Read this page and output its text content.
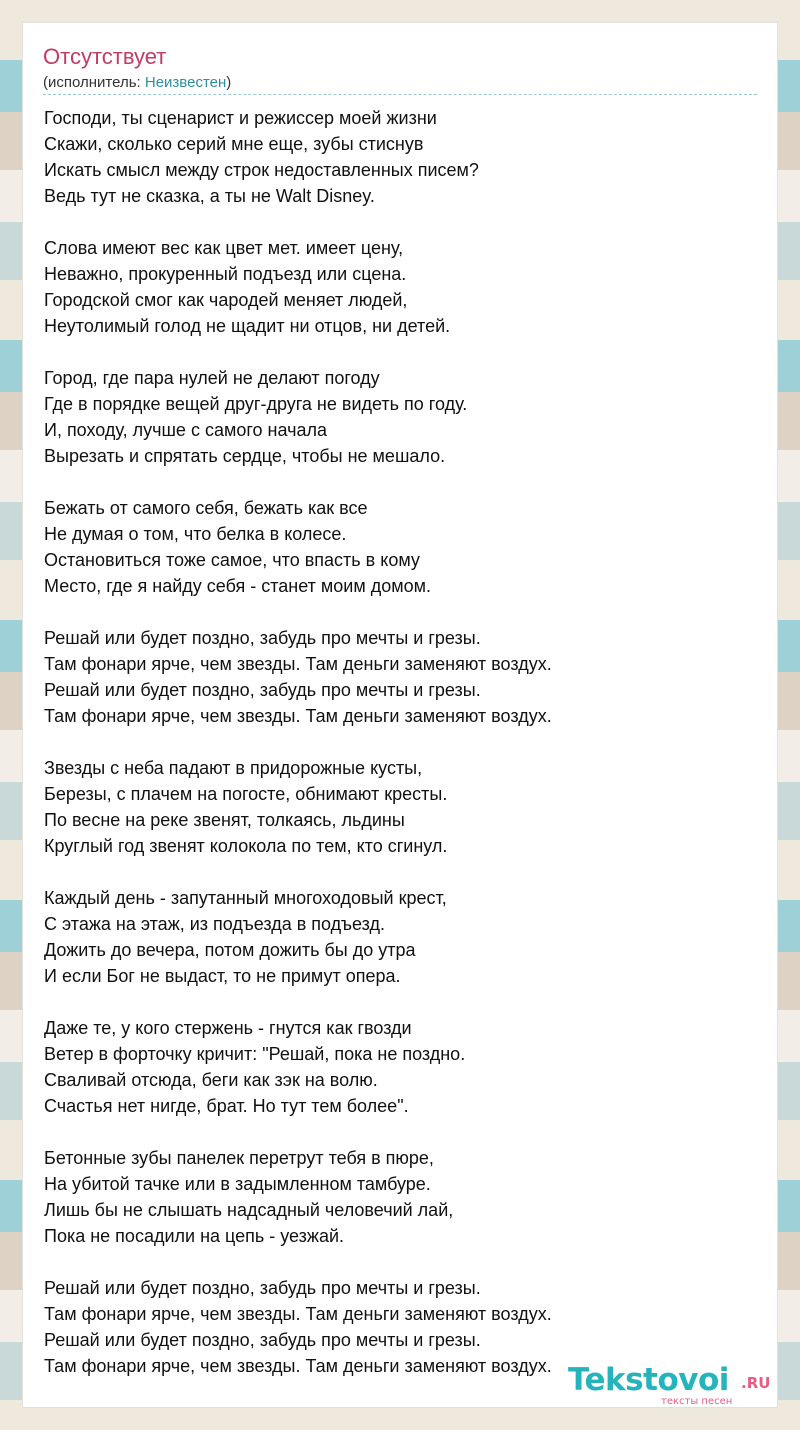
Отсутствует
(исполнитель: Неизвестен)
Господи, ты сценарист и режиссер моей жизни
Скажи, сколько серий мне еще, зубы стиснув
Искать смысл между строк недоставленных писем?
Ведь тут не сказка, а ты не Walt Disney.
Слова имеют вес как цвет мет. имеет цену,
Неважно, прокуренный подъезд или сцена.
Городской смог как чародей меняет людей,
Неутолимый голод не щадит ни отцов, ни детей.
Город, где пара нулей не делают погоду
Где в порядке вещей друг-друга не видеть по году.
И, походу, лучше с самого начала
Вырезать и спрятать сердце, чтобы не мешало.
Бежать от самого себя, бежать как все
Не думая о том, что белка в колесе.
Остановиться тоже самое, что впасть в кому
Место, где я найду себя - станет моим домом.
Решай или будет поздно, забудь про мечты и грезы.
Там фонари ярче, чем звезды. Там деньги заменяют воздух.
Решай или будет поздно, забудь про мечты и грезы.
Там фонари ярче, чем звезды. Там деньги заменяют воздух.
Звезды с неба падают в придорожные кусты,
Березы, с плачем на погосте, обнимают кресты.
По весне на реке звенят, толкаясь, льдины
Круглый год звенят колокола по тем, кто сгинул.
Каждый день - запутанный многоходовый крест,
С этажа на этаж, из подъезда в подъезд.
Дожить до вечера, потом дожить бы до утра
И если Бог не выдаст, то не примут опера.
Даже те, у кого стержень - гнутся как гвозди
Ветер в форточку кричит: "Решай, пока не поздно.
Сваливай отсюда, беги как зэк на волю.
Счастья нет нигде, брат. Но тут тем более".
Бетонные зубы панелек перетрут тебя в пюре,
На убитой тачке или в задымленном тамбуре.
Лишь бы не слышать надсадный человечий лай,
Пока не посадили на цепь - уезжай.
Решай или будет поздно, забудь про мечты и грезы.
Там фонари ярче, чем звезды. Там деньги заменяют воздух.
Решай или будет поздно, забудь про мечты и грезы.
Там фонари ярче, чем звезды. Там деньги заменяют воздух. Tekstovoi .RU
тексты песен
